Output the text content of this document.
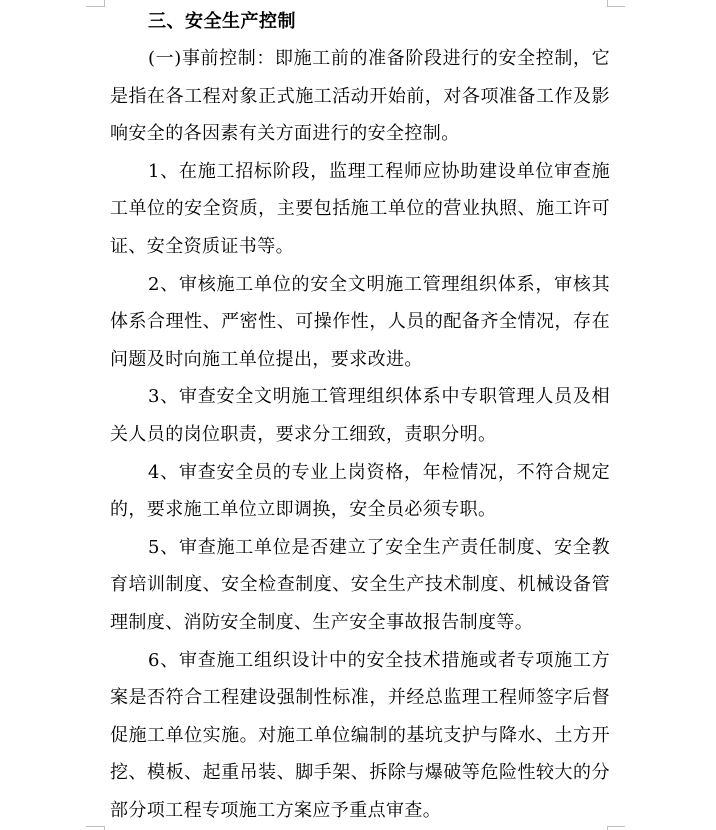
三、安全生产控制

(一)事前控制：即施工前的准备阶段进行的安全控制，它是指在各工程对象正式施工活动开始前，对各项准备工作及影响安全的各因素有关方面进行的安全控制。

1、在施工招标阶段，监理工程师应协助建设单位审查施工单位的安全资质，主要包括施工单位的营业执照、施工许可证、安全资质证书等。

2、审核施工单位的安全文明施工管理组织体系，审核其体系合理性、严密性、可操作性，人员的配备齐全情况，存在问题及时向施工单位提出，要求改进。

3、审查安全文明施工管理组织体系中专职管理人员及相关人员的岗位职责，要求分工细致，责职分明。

4、审查安全员的专业上岗资格，年检情况，不符合规定的，要求施工单位立即调换，安全员必须专职。

5、审查施工单位是否建立了安全生产责任制度、安全教育培训制度、安全检查制度、安全生产技术制度、机械设备管理制度、消防安全制度、生产安全事故报告制度等。

6、审查施工组织设计中的安全技术措施或者专项施工方案是否符合工程建设强制性标准，并经总监理工程师签字后督促施工单位实施。对施工单位编制的基坑支护与降水、土方开挖、模板、起重吊装、脚手架、拆除与爆破等危险性较大的分部分项工程专项施工方案应予重点审查。
